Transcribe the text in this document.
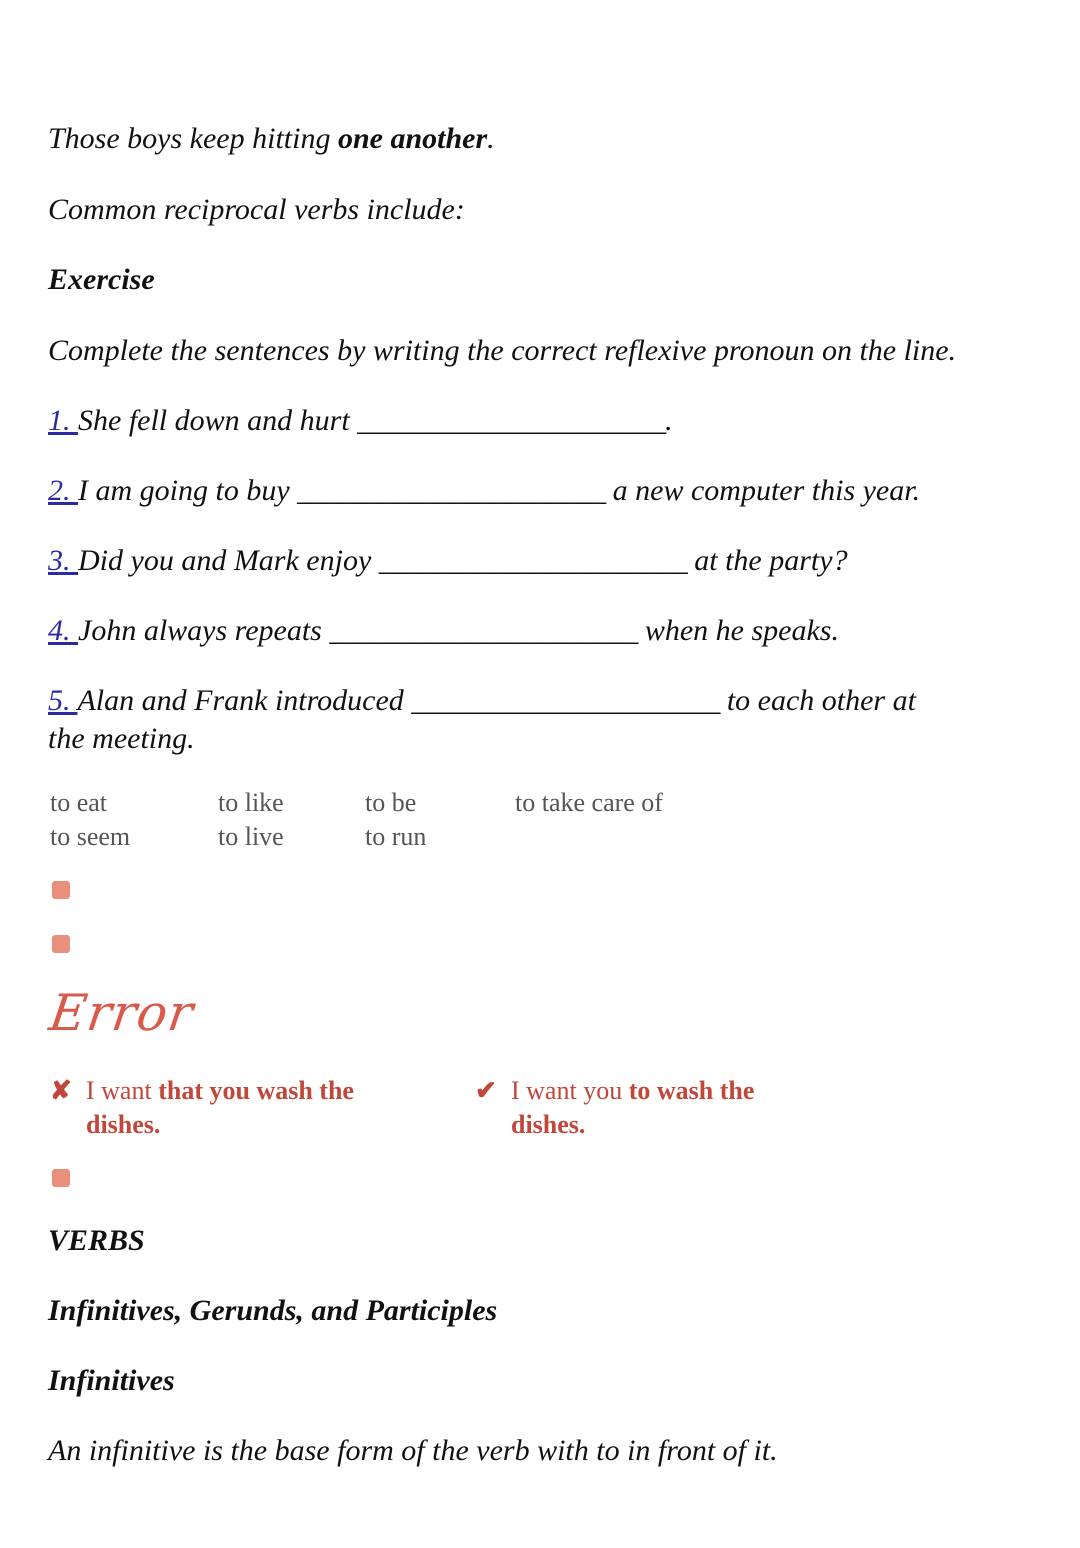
Those boys keep hitting one another.
Common reciprocal verbs include:
Exercise
Complete the sentences by writing the correct reflexive pronoun on the line.
1. She fell down and hurt ______________________.
2. I am going to buy ______________________ a new computer this year.
3. Did you and Mark enjoy ______________________ at the party?
4. John always repeats ______________________ when he speaks.
5. Alan and Frank introduced ______________________ to each other at
the meeting.
to eat	to like	to be	to take care of
to seem	to live	to run
Error
✘ I want that you wash the
dishes.
✔ I want you to wash the
dishes.
VERBS
Infinitives, Gerunds, and Participles
Infinitives
An infinitive is the base form of the verb with to in front of it.
